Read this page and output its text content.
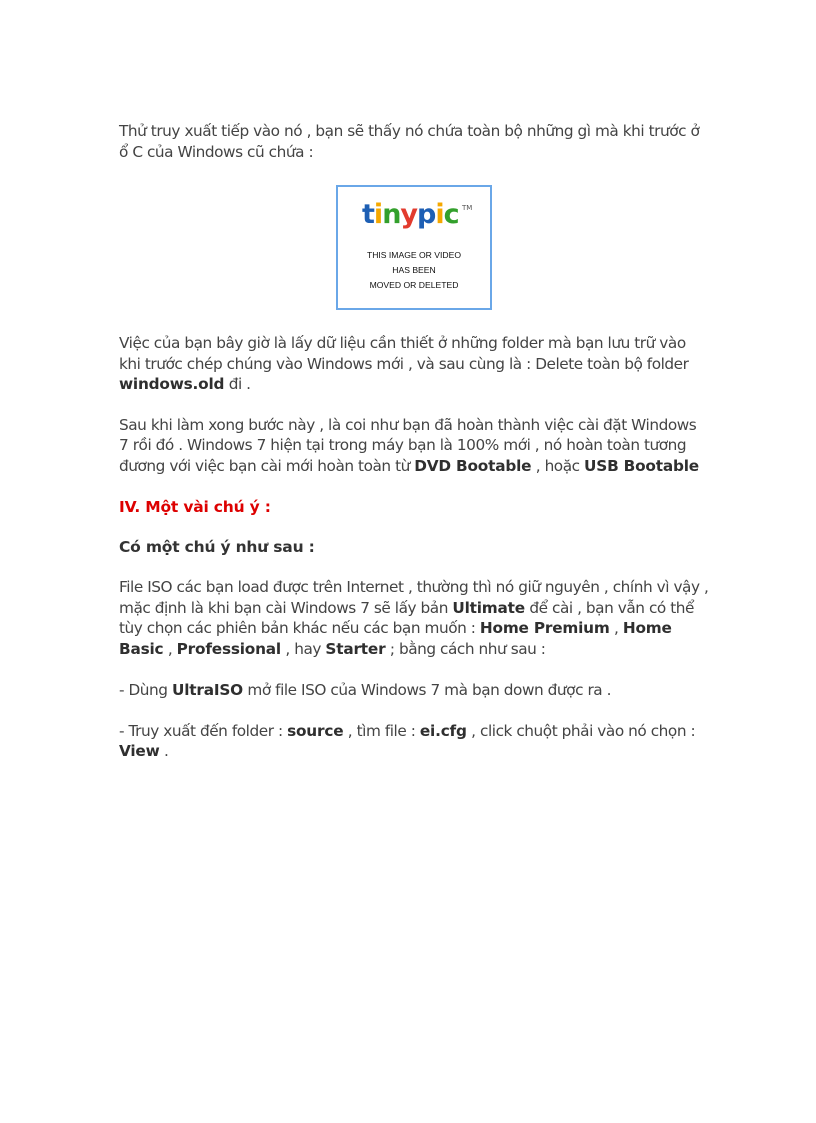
Thử truy xuất tiếp vào nó , bạn sẽ thấy nó chứa toàn bộ những gì mà khi trước ở ổ C của Windows cũ chứa :

tinypic TM
THIS IMAGE OR VIDEO
HAS BEEN
MOVED OR DELETED

Việc của bạn bây giờ là lấy dữ liệu cần thiết ở những folder mà bạn lưu trữ vào khi trước chép chúng vào Windows mới , và sau cùng là : Delete toàn bộ folder windows.old đi .

Sau khi làm xong bước này , là coi như bạn đã hoàn thành việc cài đặt Windows 7 rồi đó . Windows 7 hiện tại trong máy bạn là 100% mới , nó hoàn toàn tương đương với việc bạn cài mới hoàn toàn từ DVD Bootable , hoặc USB Bootable

IV. Một vài chú ý :

Có một chú ý như sau :

File ISO các bạn load được trên Internet , thường thì nó giữ nguyên , chính vì vậy , mặc định là khi bạn cài Windows 7 sẽ lấy bản Ultimate để cài , bạn vẫn có thể tùy chọn các phiên bản khác nếu các bạn muốn : Home Premium , Home Basic , Professional , hay Starter ; bằng cách như sau :

- Dùng UltraISO mở file ISO của Windows 7 mà bạn down được ra .

- Truy xuất đến folder : source , tìm file : ei.cfg , click chuột phải vào nó chọn : View .
